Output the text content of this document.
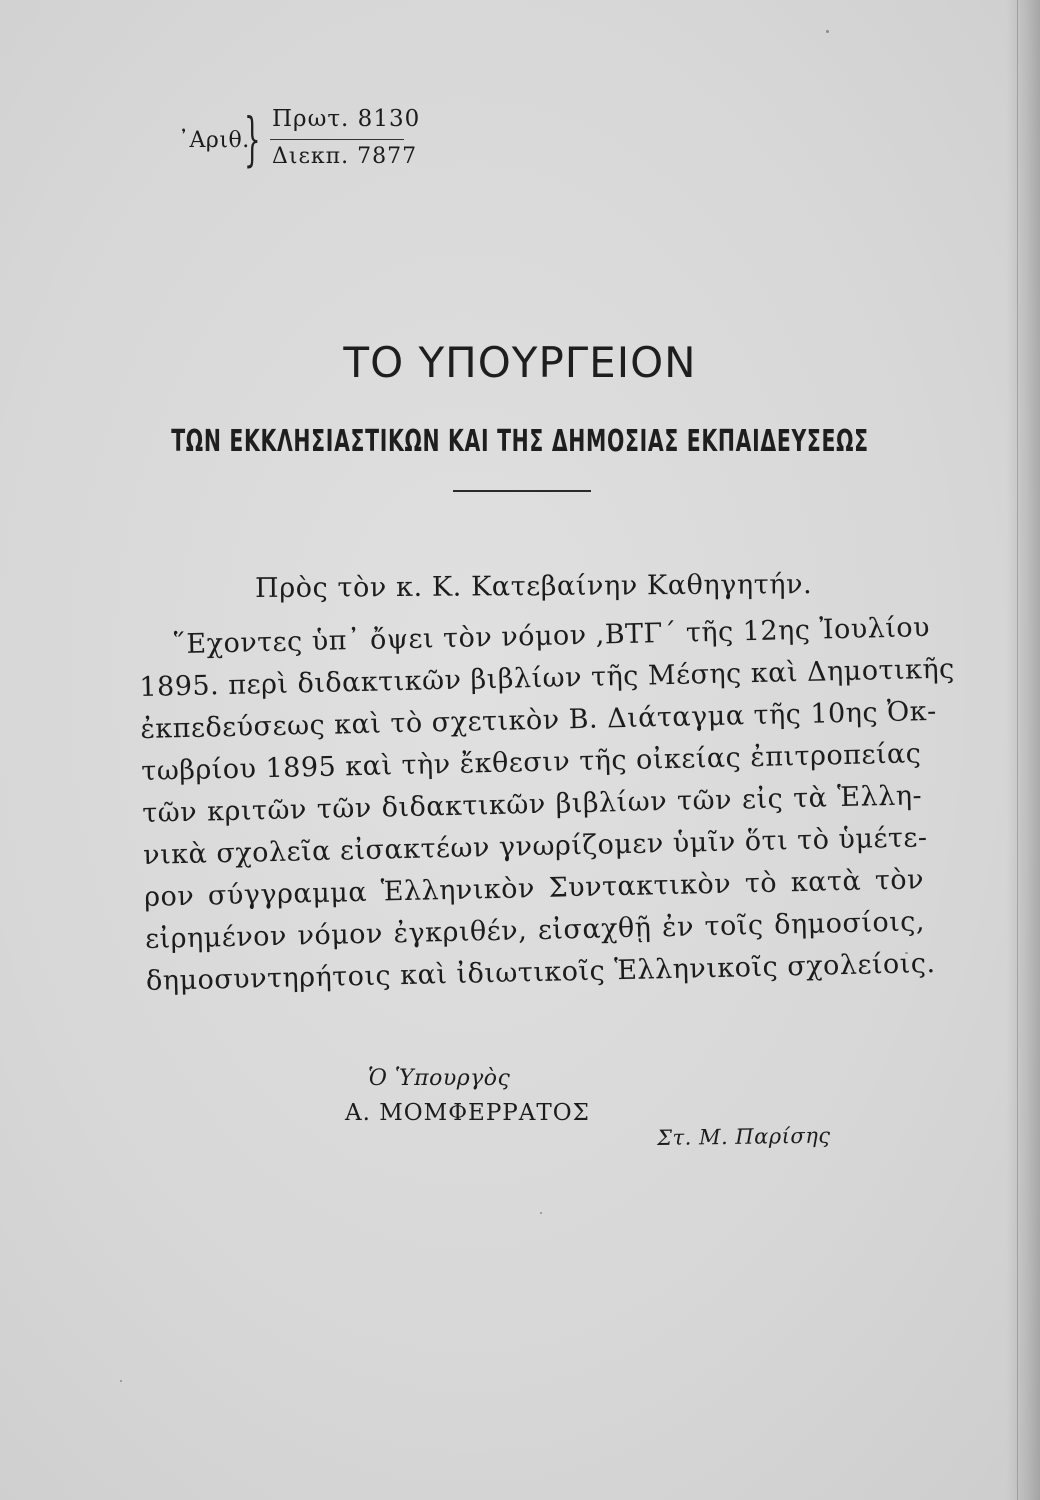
᾿Αριθ.
} Πρωτ. 8130
Διεκπ. 7877
ΤΟ ΥΠΟΥΡΓΕΙΟΝ
ΤΩΝ ΕΚΚΛΗΣΙΑΣΤΙΚΩΝ ΚΑΙ ΤΗΣ ΔΗΜΟΣΙΑΣ ΕΚΠΑΙΔΕΥΣΕΩΣ
Πρὸς τὸν κ. Κ. Κατεβαίνην Καθηγητήν.
῞Εχοντες ὑπ᾿ ὄψει τὸν νόμον ,ΒΤΓ΄ τῆς 12ης Ἰουλίου
1895. περὶ διδακτικῶν βιβλίων τῆς Μέσης καὶ Δημοτικῆς
ἐκπεδεύσεως καὶ τὸ σχετικὸν Β. Διάταγμα τῆς 10ης Ὀκ-
τωβρίου 1895 καὶ τὴν ἔκθεσιν τῆς οἰκείας ἐπιτροπείας
τῶν κριτῶν τῶν διδακτικῶν βιβλίων τῶν εἰς τὰ Ἑλλη-
νικὰ σχολεῖα εἰσακτέων γνωρίζομεν ὑμῖν ὅτι τὸ ὑμέτε-
ρον σύγγραμμα Ἑλληνικὸν Συντακτικὸν τὸ κατὰ τὸν
εἰρημένον νόμον ἐγκριθέν, εἰσαχθῇ ἐν τοῖς δημοσίοις,
δημοσυντηρήτοις καὶ ἰδιωτικοῖς Ἑλληνικοῖς σχολείοις.
Ὁ Ὑπουργὸς
Α. ΜΟΜΦΕΡΡΑΤΟΣ
Στ. Μ. Παρίσης
